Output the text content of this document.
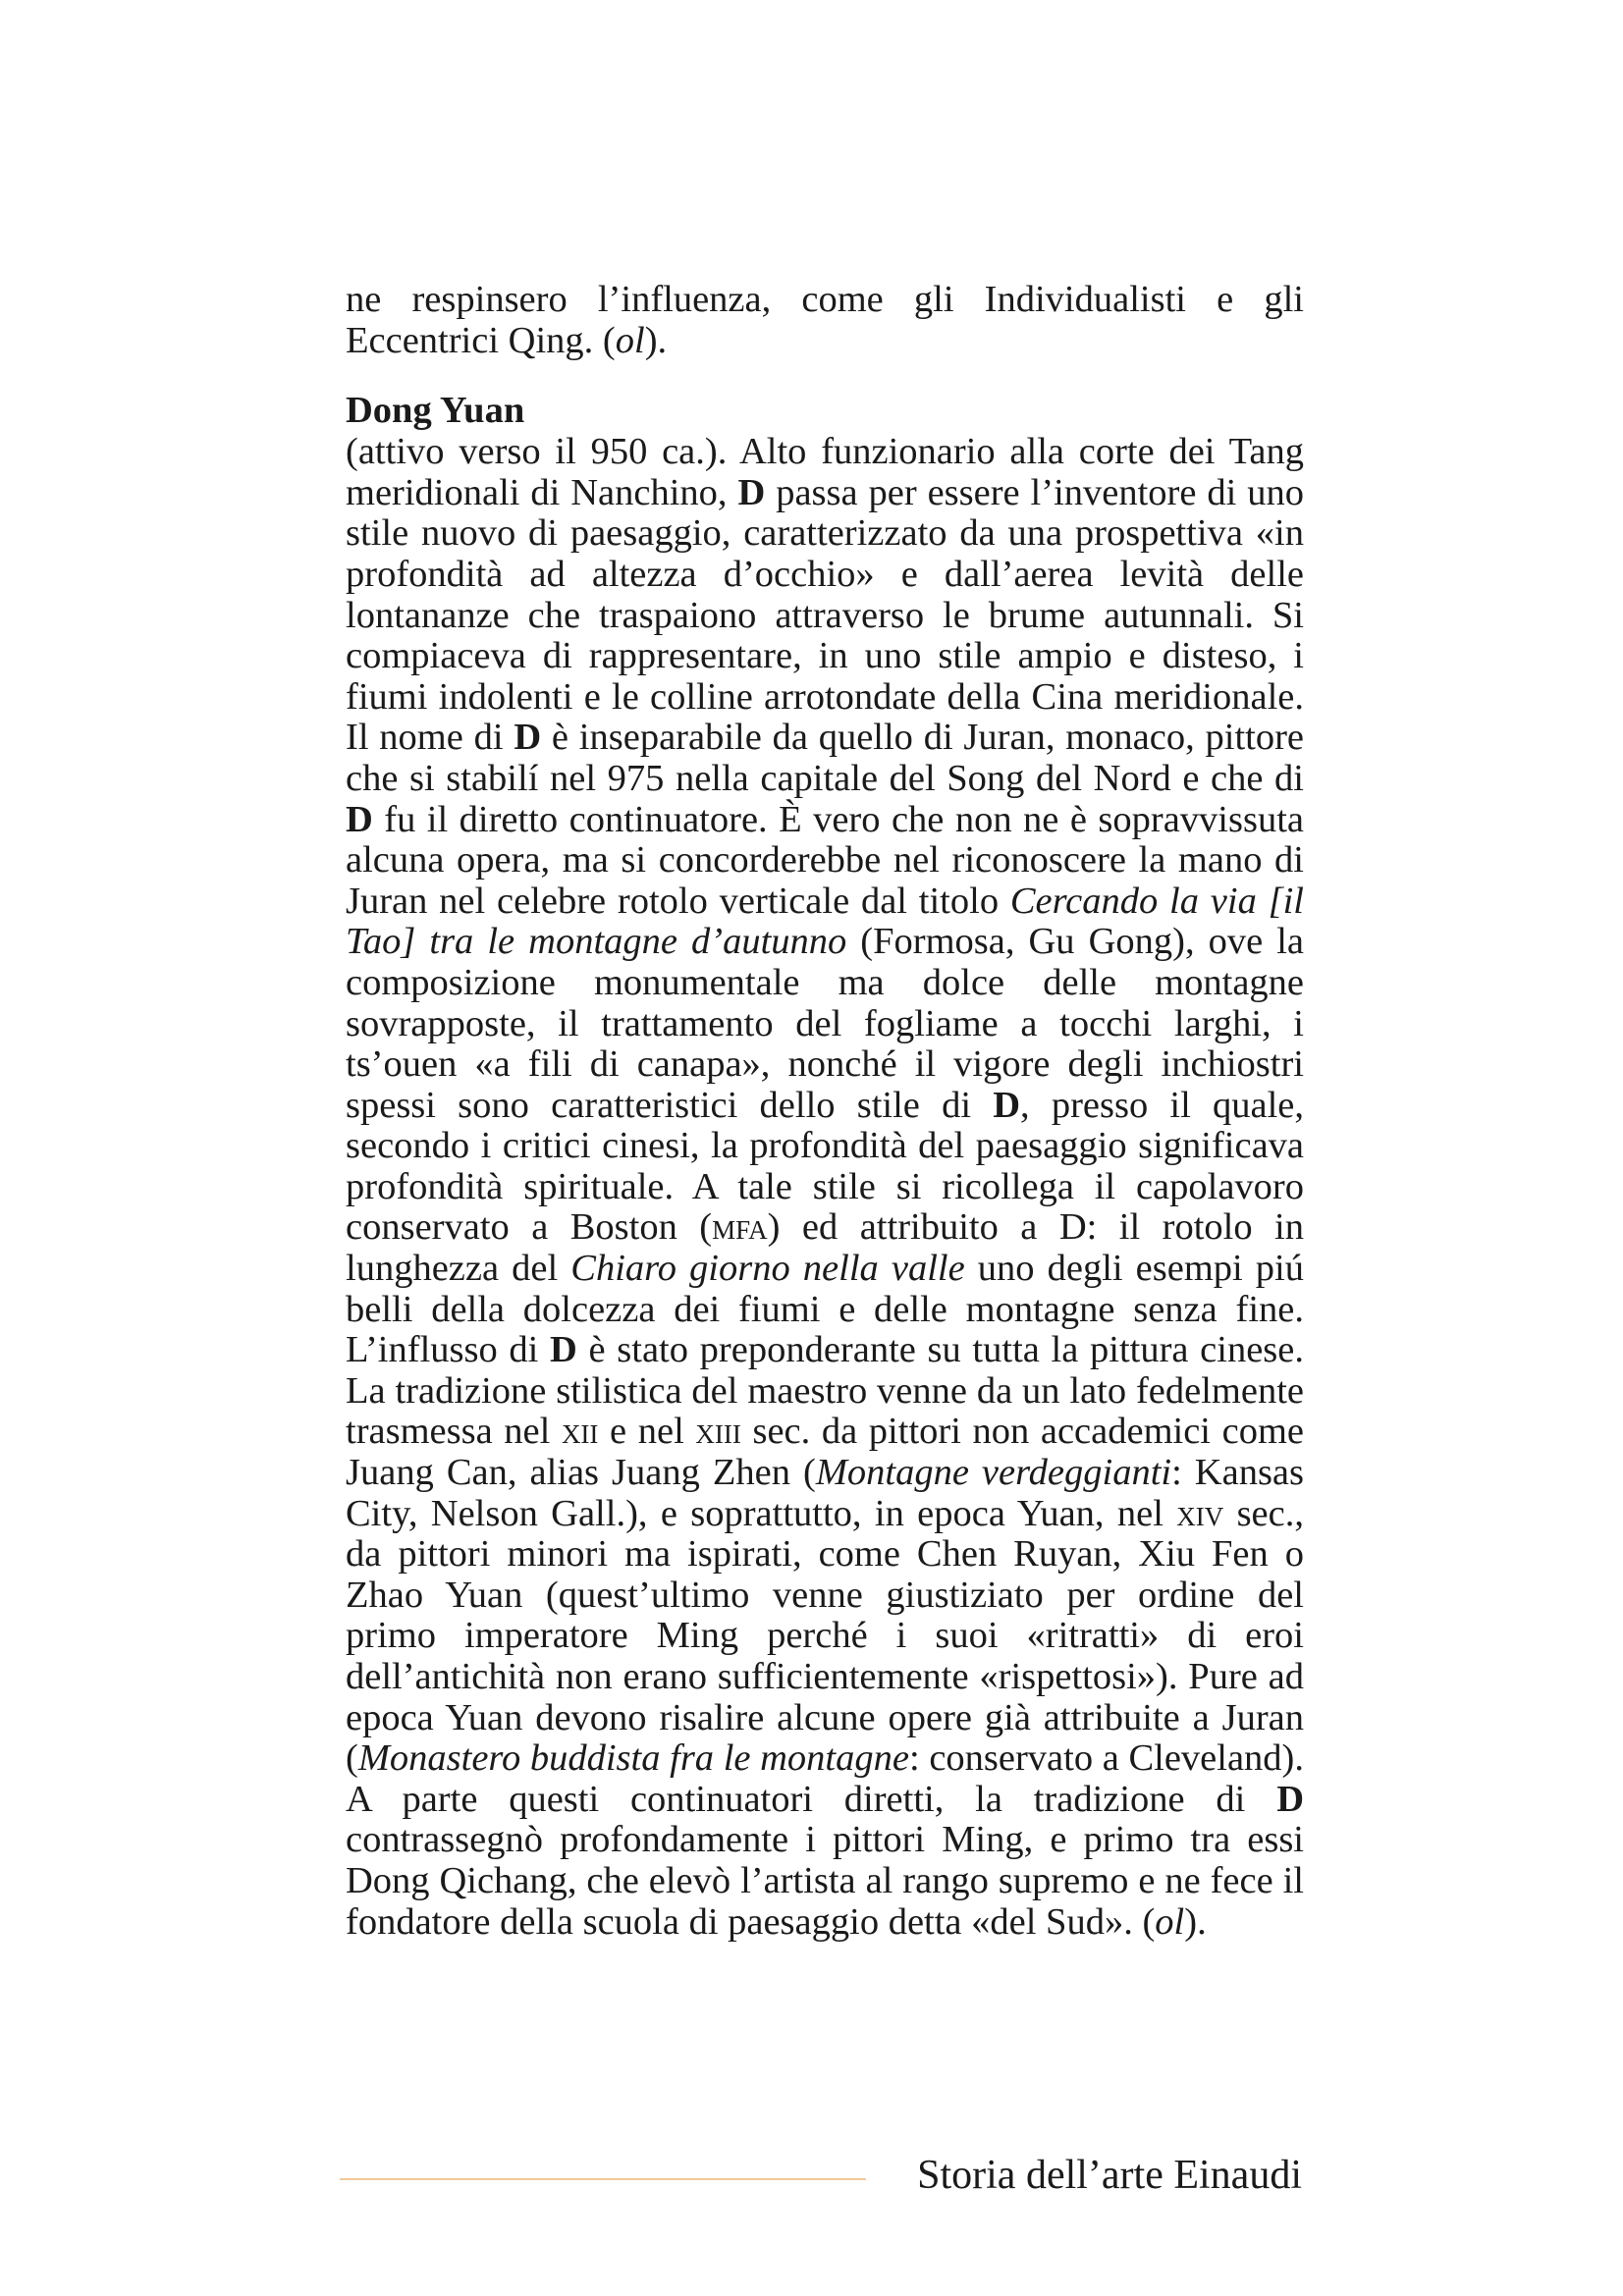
ne respinsero l’influenza, come gli Individualisti e gli Eccentrici Qing. (ol).

Dong Yuan

(attivo verso il 950 ca.). Alto funzionario alla corte dei Tang meridionali di Nanchino, D passa per essere l’inventore di uno stile nuovo di paesaggio, caratterizzato da una prospettiva «in profondità ad altezza d’occhio» e dall’aerea levità delle lontananze che traspaiono attraverso le brume autunnali. Si compiaceva di rappresentare, in uno stile ampio e disteso, i fiumi indolenti e le colline arrotondate della Cina meridionale. Il nome di D è inseparabile da quello di Juran, monaco, pittore che si stabilí nel 975 nella capitale del Song del Nord e che di D fu il diretto continuatore. È vero che non ne è sopravvissuta alcuna opera, ma si concorderebbe nel riconoscere la mano di Juran nel celebre rotolo verticale dal titolo Cercando la via [il Tao] tra le montagne d’autunno (Formosa, Gu Gong), ove la composizione monumentale ma dolce delle montagne sovrapposte, il trattamento del fogliame a tocchi larghi, i ts’ouen «a fili di canapa», nonché il vigore degli inchiostri spessi sono caratteristici dello stile di D, presso il quale, secondo i critici cinesi, la profondità del paesaggio significava profondità spirituale. A tale stile si ricollega il capolavoro conservato a Boston (mfa) ed attribuito a D: il rotolo in lunghezza del Chiaro giorno nella valle uno degli esempi piú belli della dolcezza dei fiumi e delle montagne senza fine. L’influsso di D è stato preponderante su tutta la pittura cinese. La tradizione stilistica del maestro venne da un lato fedelmente trasmessa nel xii e nel xiii sec. da pittori non accademici come Juang Can, alias Juang Zhen (Montagne verdeggianti: Kansas City, Nelson Gall.), e soprattutto, in epoca Yuan, nel xiv sec., da pittori minori ma ispirati, come Chen Ruyan, Xiu Fen o Zhao Yuan (quest’ultimo venne giustiziato per ordine del primo imperatore Ming perché i suoi «ritratti» di eroi dell’antichità non erano sufficientemente «rispettosi»). Pure ad epoca Yuan devono risalire alcune opere già attribuite a Juran (Monastero buddista fra le montagne: conservato a Cleveland). A parte questi continuatori diretti, la tradizione di D contrassegnò profondamente i pittori Ming, e primo tra essi Dong Qichang, che elevò l’artista al rango supremo e ne fece il fondatore della scuola di paesaggio detta «del Sud». (ol).

Storia dell’arte Einaudi
